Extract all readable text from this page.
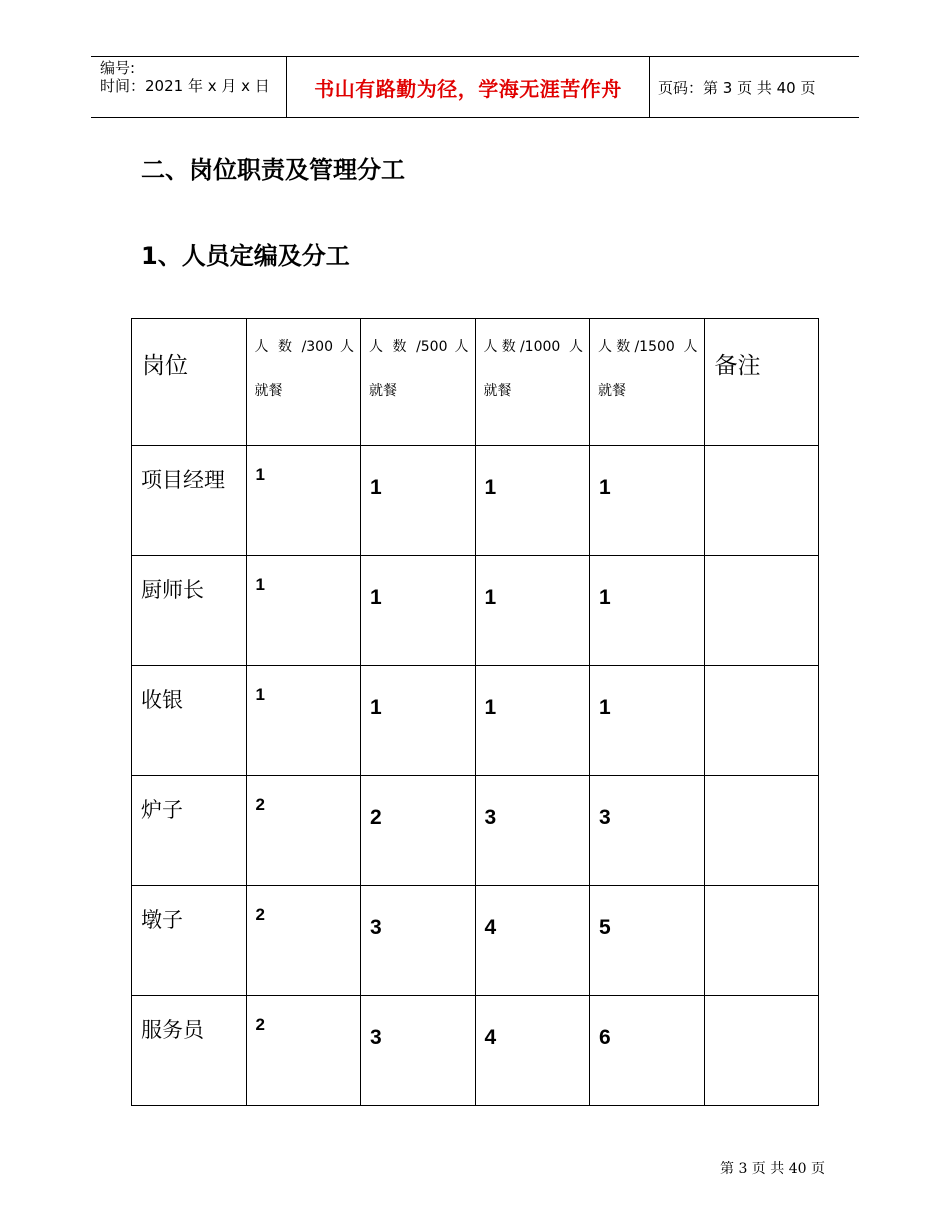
编号:
时间：2021 年 x 月 x 日	书山有路勤为径，学海无涯苦作舟	页码：第 3 页 共 40 页
二、岗位职责及管理分工
1、人员定编及分工
岗位	人 数 /300 人 就餐	人 数 /500 人 就餐	人数/1000 人 就餐	人数/1500 人 就餐	备注

项目经理	1	1	1	1	

厨师长	1	1	1	1	

收银	1	1	1	1	

炉子	2	2	3	3	

墩子	2	3	4	5	

服务员	2	3	4	6	

第 3 页 共 40 页
